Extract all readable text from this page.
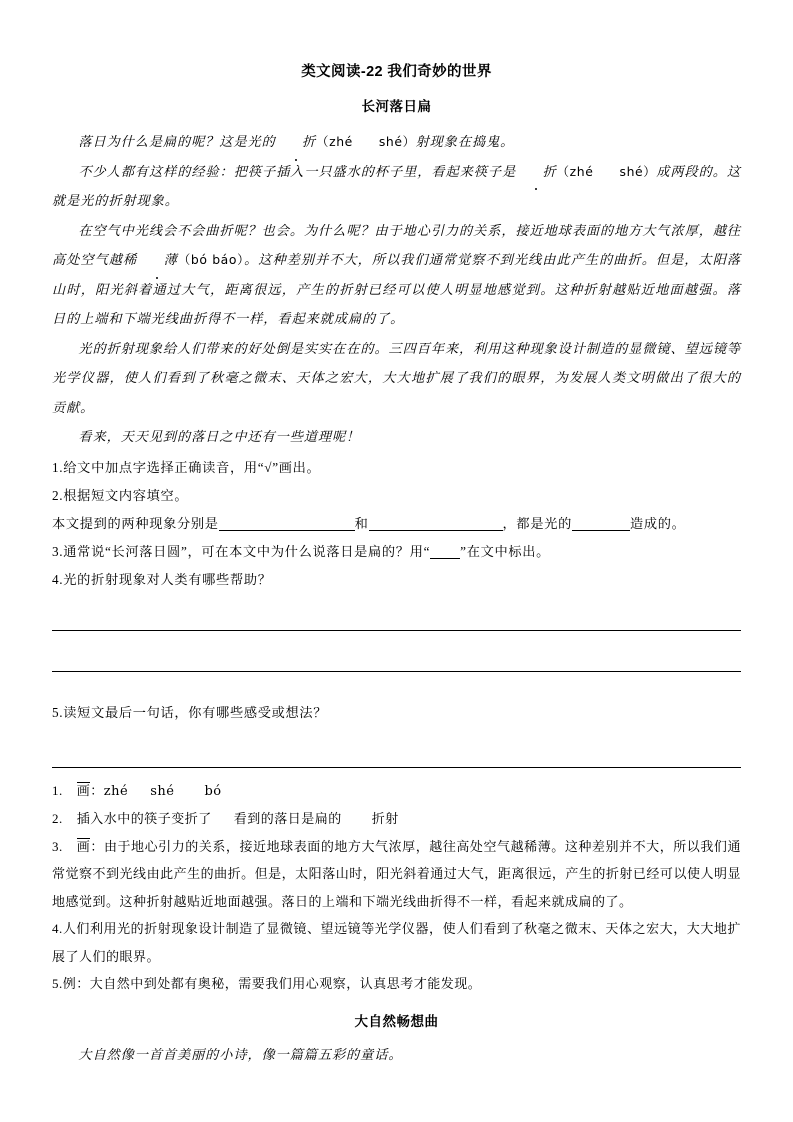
类文阅读-22 我们奇妙的世界
长河落日扁

落日为什么是扁的呢？这是光的 折（zhé　　shé）射现象在捣鬼。

不少人都有这样的经验：把筷子插入一只盛水的杯子里，看起来筷子是 折（zhé　　shé）成两段的。这就是光的折射现象。

在空气中光线会不会曲折呢？也会。为什么呢？由于地心引力的关系，接近地球表面的地方大气浓厚，越往高处空气越稀 薄（bó báo）。这种差别并不大，所以我们通常觉察不到光线由此产生的曲折。但是，太阳落山时，阳光斜着通过大气，距离很远，产生的折射已经可以使人明显地感觉到。这种折射越贴近地面越强。落日的上端和下端光线曲折得不一样，看起来就成扁的了。

光的折射现象给人们带来的好处倒是实实在在的。三四百年来，利用这种现象设计制造的显微镜、望远镜等光学仪器，使人们看到了秋毫之微末、天体之宏大，大大地扩展了我们的眼界，为发展人类文明做出了很大的贡献。

看来，天天见到的落日之中还有一些道理呢！

1.给文中加点字选择正确读音，用“√”画出。

2.根据短文内容填空。

本文提到的两种现象分别是	和	，都是光的	造成的。

3.通常说“长河落日圆”，可在本文中为什么说落日是扁的？用“ ”在文中标出。

4.光的折射现象对人类有哪些帮助？

5.读短文最后一句话，你有哪些感受或想法？

1. 画：zhé shé bó

2. 插入水中的筷子变折了 看到的落日是扁的 折射

3. 画：由于地心引力的关系，接近地球表面的地方大气浓厚，越往高处空气越稀薄。这种差别并不大，所以我们通常觉察不到光线由此产生的曲折。但是，太阳落山时，阳光斜着通过大气，距离很远，产生的折射已经可以使人明显地感觉到。这种折射越贴近地面越强。落日的上端和下端光线曲折得不一样，看起来就成扁的了。

4.人们利用光的折射现象设计制造了显微镜、望远镜等光学仪器，使人们看到了秋毫之微末、天体之宏大，大大地扩展了人们的眼界。

5.例：大自然中到处都有奥秘，需要我们用心观察，认真思考才能发现。

大自然畅想曲

大自然像一首首美丽的小诗，像一篇篇五彩的童话。
